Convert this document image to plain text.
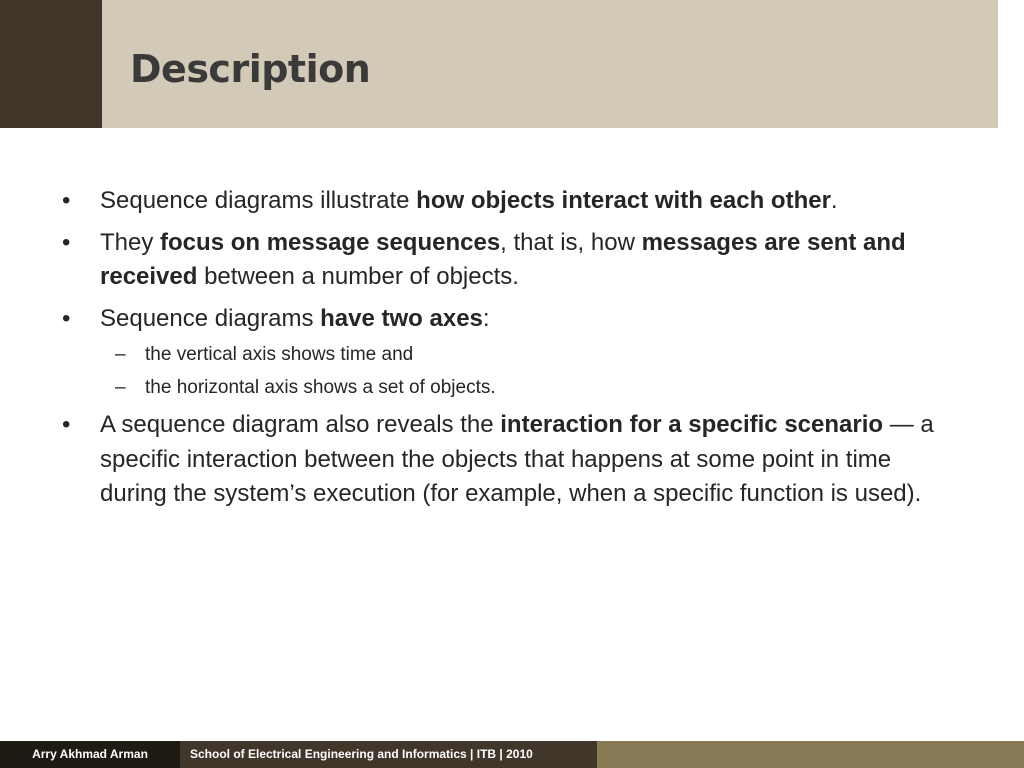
Description
•	Sequence diagrams illustrate how objects interact with each other.
•	They focus on message sequences, that is, how messages are sent and received between a number of objects.
•	Sequence diagrams have two axes:
– the vertical axis shows time and
– the horizontal axis shows a set of objects.
•	A sequence diagram also reveals the interaction for a specific scenario — a specific interaction between the objects that happens at some point in time during the system’s execution (for example, when a specific function is used).
Arry Akhmad Arman	School of Electrical Engineering and Informatics | ITB | 2010
